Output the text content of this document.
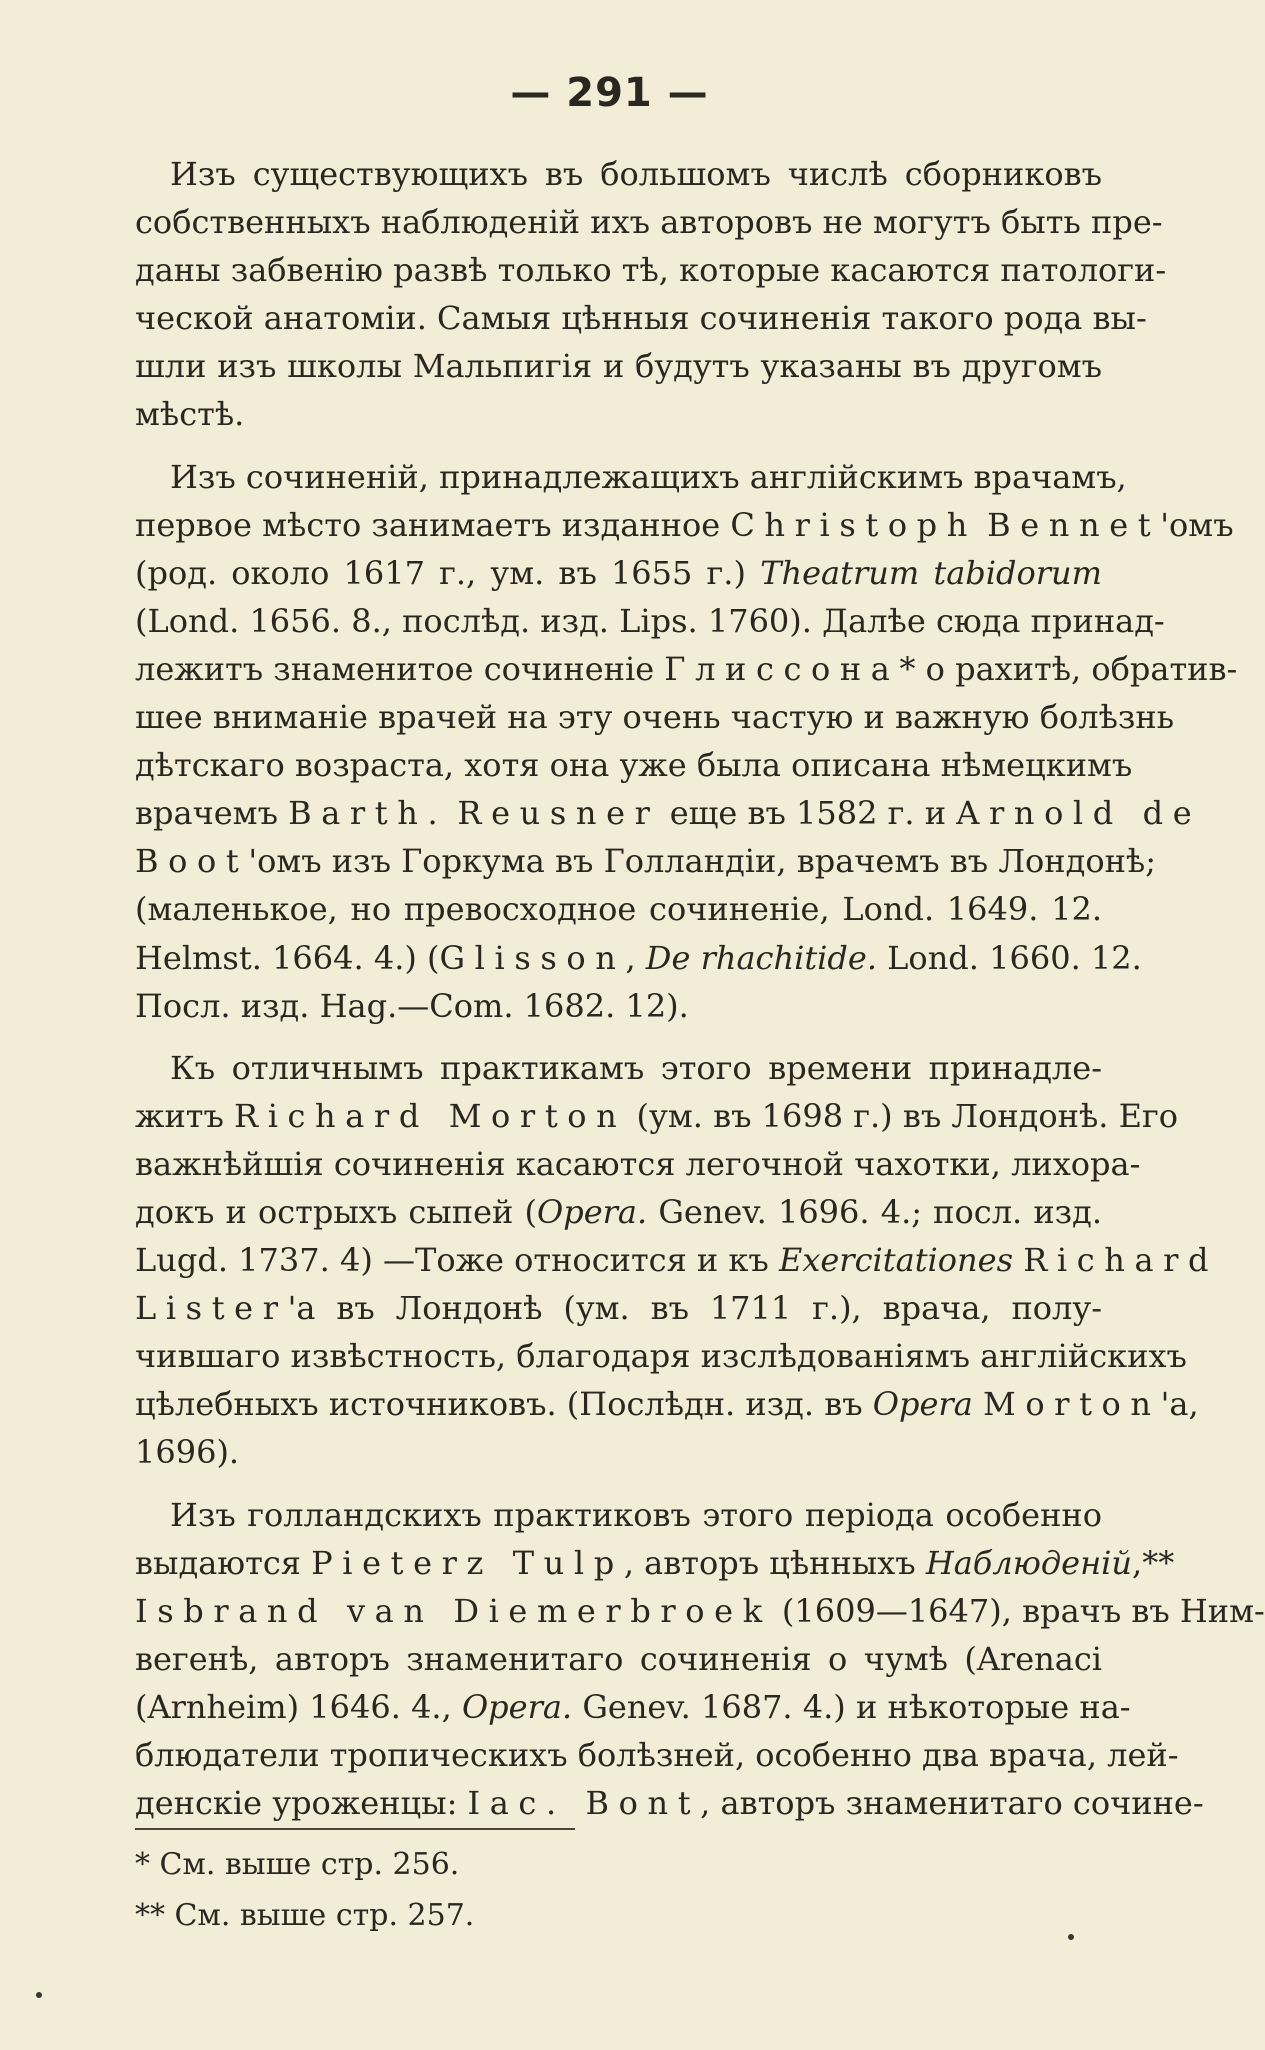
— 291 —
Изъ существующихъ въ большомъ числѣ сборниковъ
собственныхъ наблюденій ихъ авторовъ не могутъ быть пре-
даны забвенію развѣ только тѣ, которые касаются патологи-
ческой анатоміи. Самыя цѣнныя сочиненія такого рода вы-
шли изъ школы Мальпигія и будутъ указаны въ другомъ
мѣстѣ.
Изъ сочиненій, принадлежащихъ англійскимъ врачамъ,
первое мѣсто занимаетъ изданное Christoph Bennet'омъ
(род. около 1617 г., ум. въ 1655 г.) Theatrum tabidorum
(Lond. 1656. 8., послѣд. изд. Lips. 1760). Далѣе сюда принад-
лежитъ знаменитое сочиненіе Глиссона* о рахитѣ, обратив-
шее вниманіе врачей на эту очень частую и важную болѣзнь
дѣтскаго возраста, хотя она уже была описана нѣмецкимъ
врачемъ Barth. Reusner еще въ 1582 г. и Arnold de
Boot'омъ изъ Горкума въ Голландіи, врачемъ въ Лондонѣ;
(маленькое, но превосходное сочиненіе, Lond. 1649. 12.
Helmst. 1664. 4.) (Glisson, De rhachitide. Lond. 1660. 12.
Посл. изд. Hag.—Com. 1682. 12).
Къ отличнымъ практикамъ этого времени принадле-
житъ Richard Morton (ум. въ 1698 г.) въ Лондонѣ. Его
важнѣйшія сочиненія касаются легочной чахотки, лихора-
докъ и острыхъ сыпей (Opera. Genev. 1696. 4.; посл. изд.
Lugd. 1737. 4) —Тоже относится и къ Exercitationes Richard
Lister'а въ Лондонѣ (ум. въ 1711 г.), врача, полу-
чившаго извѣстность, благодаря изслѣдованіямъ англійскихъ
цѣлебныхъ источниковъ. (Послѣдн. изд. въ Opera Morton'а,
1696).
Изъ голландскихъ практиковъ этого періода особенно
выдаются Pieterz Tulp, авторъ цѣнныхъ Наблюденій,**
Isbrand van Diemerbroek (1609—1647), врачъ въ Ним-
вегенѣ, авторъ знаменитаго сочиненія о чумѣ (Arenaci
(Arnheim) 1646. 4., Opera. Genev. 1687. 4.) и нѣкоторые на-
блюдатели тропическихъ болѣзней, особенно два врача, лей-
денскіе уроженцы: Iac. Bont, авторъ знаменитаго сочине-
* См. выше стр. 256.
** См. выше стр. 257.
